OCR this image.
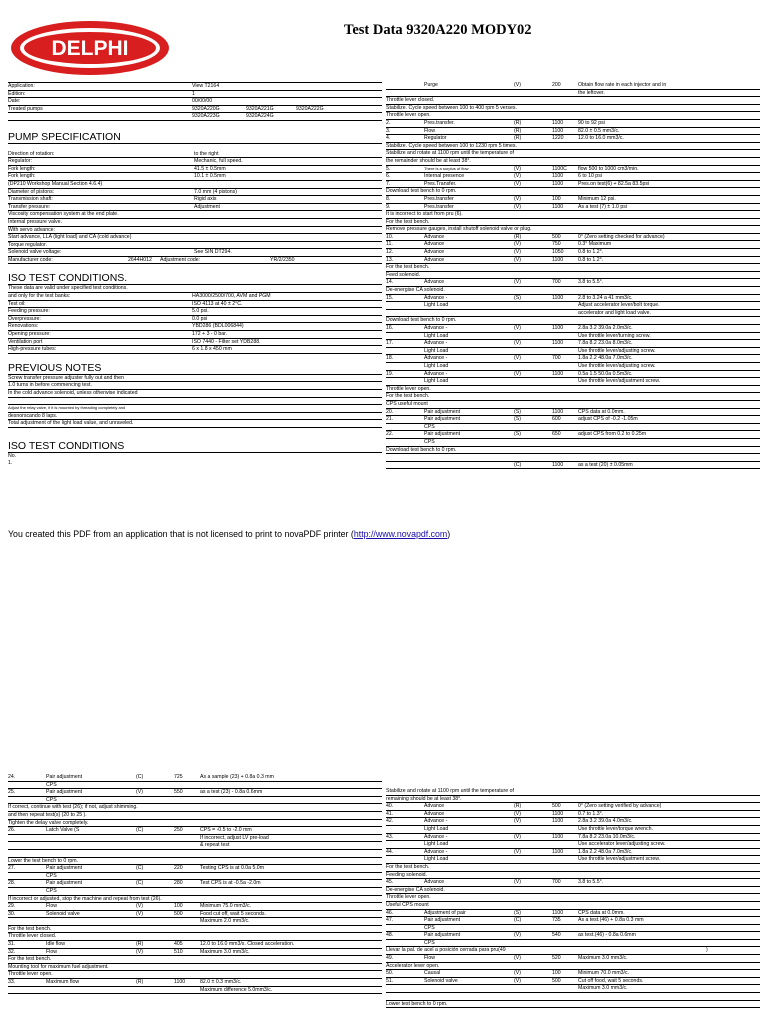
DELPHI
Test Data 9320A220 MODY02
Application:	View T2164
Edition:	1
Date:	00/00/00
Treated pumps	9320A220G	9320A221G	9320A222G
9320A223G	9320A224G
PUMP SPECIFICATION
Direction of rotation:	to the right
Regulator:	Mechanic, full speed.
Fork length:	41.5 ± 0.5mm
Fork length:	10.1 ± 0.5mm
(DP210 Workshop Manual Section 4.6.4)
Diameter of pistons:	7.0 mm (4 pistons)
Transmission shaft:	Rigid axis
Transfer pressure:	Adjustment
Viscosity compensation system at the end plate.
Internal pressure valve.
With servo advance:
Start advance, LLA (light load) and CA (cold advance)
Torque regulator.
Solenoid valve voltage:	See SIN DT294.
Manufacturer code:	2644H012 Adjustment code:	YR/2/2350
ISO TEST CONDITIONS.
These data are valid under specified test conditions.
and only for the test banks:	HA3000/2500/700, AVM and PGM
Test oil:	ISO 4113 at 40 ± 2°C.
Feeding pressure:	5.0 psi.
Overpressure:	0.0 psi
Renovations:	YBD286 (BDL006844)
Opening pressure:	172 + 3 - 0 bar.
Ventilation port	ISO 7440 - Filter set YDB288.
High-pressure tubes:	6 x 1.8 x 450 mm
PREVIOUS NOTES
Screw transfer pressure adjuster fully out and then
1.0 turns in before commencing test.
In the cold advance solenoid, unless otherwise indicated
Adjust the relay valve, if it is mounted by threading completely and
desnorscando 8 laps.
Total adjustment of the light load value, and unraveled.
ISO TEST CONDITIONS
No.
1.
Purge	(V)	200	Obtain flow rate in each injector and in
the leftover.
Throttle lever closed.
Stabilize. Cycle speed between 100 to 400 rpm 5 verses.
Throttle lever open.
2.	Pres.transfer.	(R)	1100	90 to 92 psi
3.	Flow	(R)	1100	82.0 ± 0.5 mm3/c.
4.	Regulator	(R)	1220	12.0 to 16.0 mm3/c.
Stabilize. Cycle speed between 100 to 1230 rpm 5 times.
Stabilize and rotate at 1100 rpm until the temperature of
the remainder should be at least 38°.
5.	There is a surplus of flow	(V)	1100C flow 500 to 1000 cm3/min.
6.	Internal presence	(V)	1100	6 to 10 psi
7.	Pres.Transfer.	(V)	1100	Pres.on test(6) + 82.5a 83.5psi
Download test bench to 0 rpm.
8.	Pres.transfer	(V)	100	Minimum 12 psi.
9.	Pres.transfer	(V)	1100	As a test (7) ± 1.0 psi
It is incorrect to start from pru (6).
For the test bench.
Remove pressure gauges, install shutoff solenoid valve or plug.
10.	Advance	(R)	500	0° (Zero setting checked for advance)
11.	Advance	(V)	750	0.3° Maximum
12.	Advance	(V)	1050	0.8 to 1.2°.
13.	Advance	(V)	1100	0.8 to 1.2°.
For the test bench.
Feed solenoid.
14.	Advance	(V)	700	3.8 to 5.5°.
De-energise CA solenoid.
15.	Advance -	(S)	1100	2.8 to 3.24 a 41 mm3/c.
Light Load	Adjust accelerator lever/bolt torque.
accelerator and light load valve.
Download test bench to 0 rpm.
16.	Advance -	(V)	1100	2.8a 3.2 39.0a 2.0m3/c.
Light Load	Use throttle lever/turning screw.
17.	Advance -	(V)	1100	7.8a 8.2 23.0a 8.0m3/c.
Light Load	Use throttle lever/adjusting screw.
18.	Advance -	(V)	700	1.8a 2.2 48.0a 7.0m3/c.
Light Load	Use throttle lever/adjusting screw.
19.	Advance -	(V)	1100	0.5a 1.5 50.0a 0.5m3/c.
Light Load	Use throttle lever/adjustment screw.
Throttle lever open.
For the test bench.
CPS useful mount
20.	Pair adjustment	(S)	1100	CPS data at 0.0mm.
21.	Pair adjustment	(S)	600	adjust CPS of -0.2 -1.05m
CPS
22.	Pair adjustment	(S)	650	adjust CPS from 0.2 to 0.25m
CPS
Download test bench to 0 rpm.
(C)	1100	as a test (20) ± 0.05mm
You created this PDF from an application that is not licensed to print to novaPDF printer (http://www.novapdf.com)
24.	Pair adjustment	(C)	725	As a sample (23) + 0.8a 0.3 mm
CPS
25.	Pair adjustment	(V)	550	as a test (23) - 0.8a 0.6mm
CPS
If correct, continue with test (26); if not, adjust shimming.
and then repeat test(s) (20 to 25 ).
Tighten the delay valve completely.
26.	Latch Valve (S	(C)	250	CPS = -0.5 to -2.0 mm
If incorrect, adjust LV pre-load
& repeat test
Lower the test bench to 0 rpm.
27.	Pair adjustment	(C)	220	Testing CPS is at 0.0a 5.0m
CPS
28.	Pair adjustment	(C)	280	Test CPS is at -0.5a -2.0m
CPS
If incorrect or adjusted, stop the machine and repeat from test (26).
29.	Flow	(V)	100	Minimum 75.0 mm3/c.
30.	Solenoid valve	(V)	500	Food cut off, wait 5 seconds.
Maximum 2.0 mm3/c.
For the test bench.
Throttle lever closed.
31.	Idle flow	(R)	405	12.0 to 16.0 mm3/s. Closed acceleration.
32.	Flow	(V)	510	Maximum 3.0 mm3/c.
For the test bench.
Mounting tool for maximum fuel adjustment.
Throttle lever open.
33.	Maximum flow	(R)	1100	82.0 ± 0.3 mm3/c.
Maximum difference 5.0mm3/c.
Stabilize and rotate at 1100 rpm until the temperature of
remaining should be at least 38°.
40.	Advance	(R)	500	0° (Zero setting verified by advance)
41.	Advance	(V)	1100	0.7 to 1.3°.
42.	Advance -	(V)	1100	2.8a 3.2 39.0a 4.0m3/c.
Light Load	Use throttle lever/torque wrench.
43.	Advance -	(V)	1100	7.8a 8.2 23.0a 10.0m3/c.
Light Load	Use accelerator lever/adjusting screw.
44.	Advance -	(V)	1100	1.8a 2.2 48.0a 7.0m3/c.
Light Load	Use throttle lever/adjustment screw.
For the test bench.
Feeding solenoid.
45.	Advance	(V)	700	3.8 to 5.5°.
De-energise CA solenoid.
Throttle lever open.
Useful CPS mount
46.	Adjustment of pair	(S)	1100	CPS data at 0.0mm.
47.	Pair adjustment	(C)	735	As a test.(46) + 0.8a 0.3 mm
CPS
48.	Pair adjustment	(V)	540	as test.(46) - 0.8a 0.6mm
CPS
Llevar la pal. de acel a posición cerrada para pru(49	)
49.	Flow	(V)	520	Maximum 3.0 mm3/c.
Accelerator lever open.
50.	Causal	(V)	100	Minimum 70.0 mm3/c.
51.	Solenoid valve	(V)	500	Cut off food, wait 5 seconds.
Maximum 3.0 mm3/c.
Lower test bench to 0 rpm.
